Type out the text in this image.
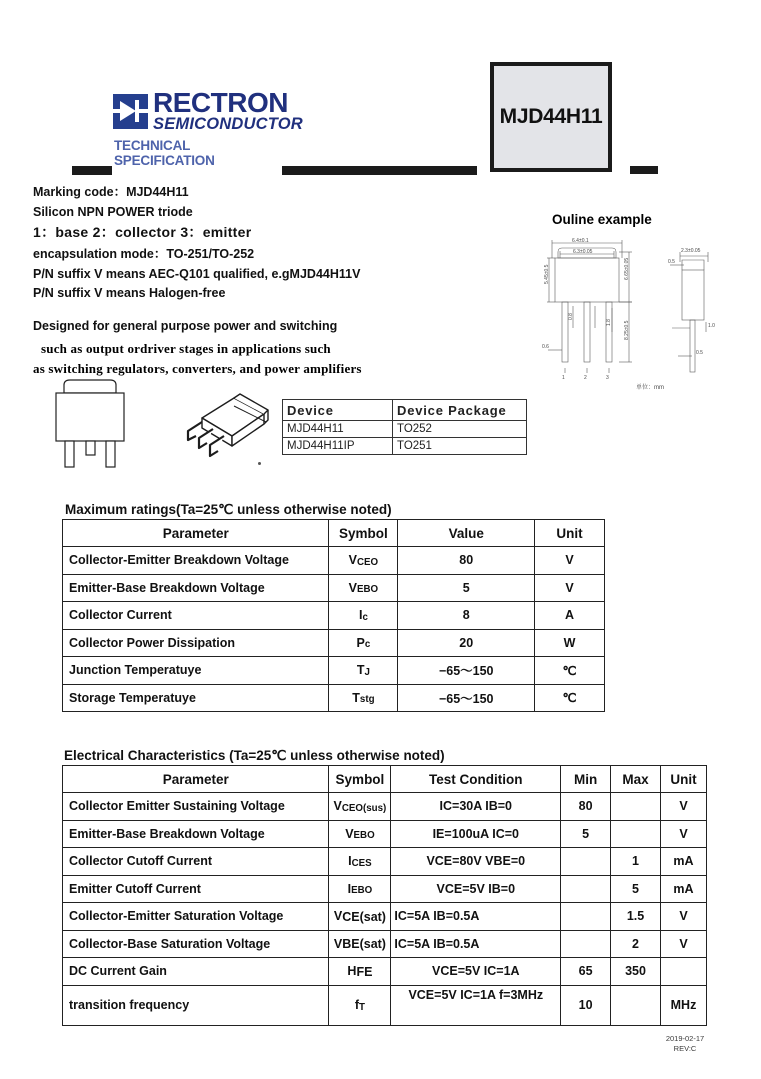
RECTRON
SEMICONDUCTOR
TECHNICAL SPECIFICATION
MJD44H11
Marking code：MJD44H11
Silicon NPN POWER triode
1：base 2：collector 3：emitter
encapsulation mode：TO-251/TO-252
P/N suffix V means AEC-Q101 qualified, e.gMJD44H11V
P/N suffix V means Halogen-free
Designed for general purpose power and switching
such as output ordriver stages in applications such
as switching regulators, converters, and power amplifiers
Ouline example
6.4±0.1
6.3±0.05
5.45±0.5	6.65±0.05
8.25±0.5
0.6
0.8
1.8
1	2	3
2.3±0.05
0.5
1.0
0.5
单位：mm
Device	Device Package
MJD44H11	TO252
MJD44H11IP	TO251
Maximum ratings(Ta=25℃ unless otherwise noted)
Parameter	Symbol	Value	Unit
Collector-Emitter Breakdown Voltage	$V_{CEO}$	80	V
Emitter-Base Breakdown Voltage	$V_{EBO}$	5	V
Collector Current	$I_c$	8	A
Collector Power Dissipation	$P_c$	20	W
Junction Temperatuye	$T_J$	−65～150	℃
Storage Temperatuye	$T_{stg}$	−65～150	℃
Electrical Characteristics (Ta=25℃ unless otherwise noted)
Parameter	Symbol	Test Condition	Min	Max	Unit
Collector Emitter Sustaining Voltage	$V_{CEO(sus)}$	IC=30A IB=0	80		V
Emitter-Base Breakdown Voltage	$V_{EBO}$	IE=100uA IC=0	5		V
Collector Cutoff Current	$I_{CES}$	VCE=80V VBE=0		1	mA
Emitter Cutoff Current	$I_{EBO}$	VCE=5V IB=0		5	mA
Collector-Emitter Saturation Voltage	$V_{CE(sat)}$	IC=5A IB=0.5A		1.5	V
Collector-Base Saturation Voltage	$V_{BE(sat)}$	IC=5A IB=0.5A		2	V
DC Current Gain	$H_{FE}$	VCE=5V IC=1A	65	350	
transition frequency	$f_T$	VCE=5V IC=1A f=3MHz	10		MHz
2019-02-17
REV:C
